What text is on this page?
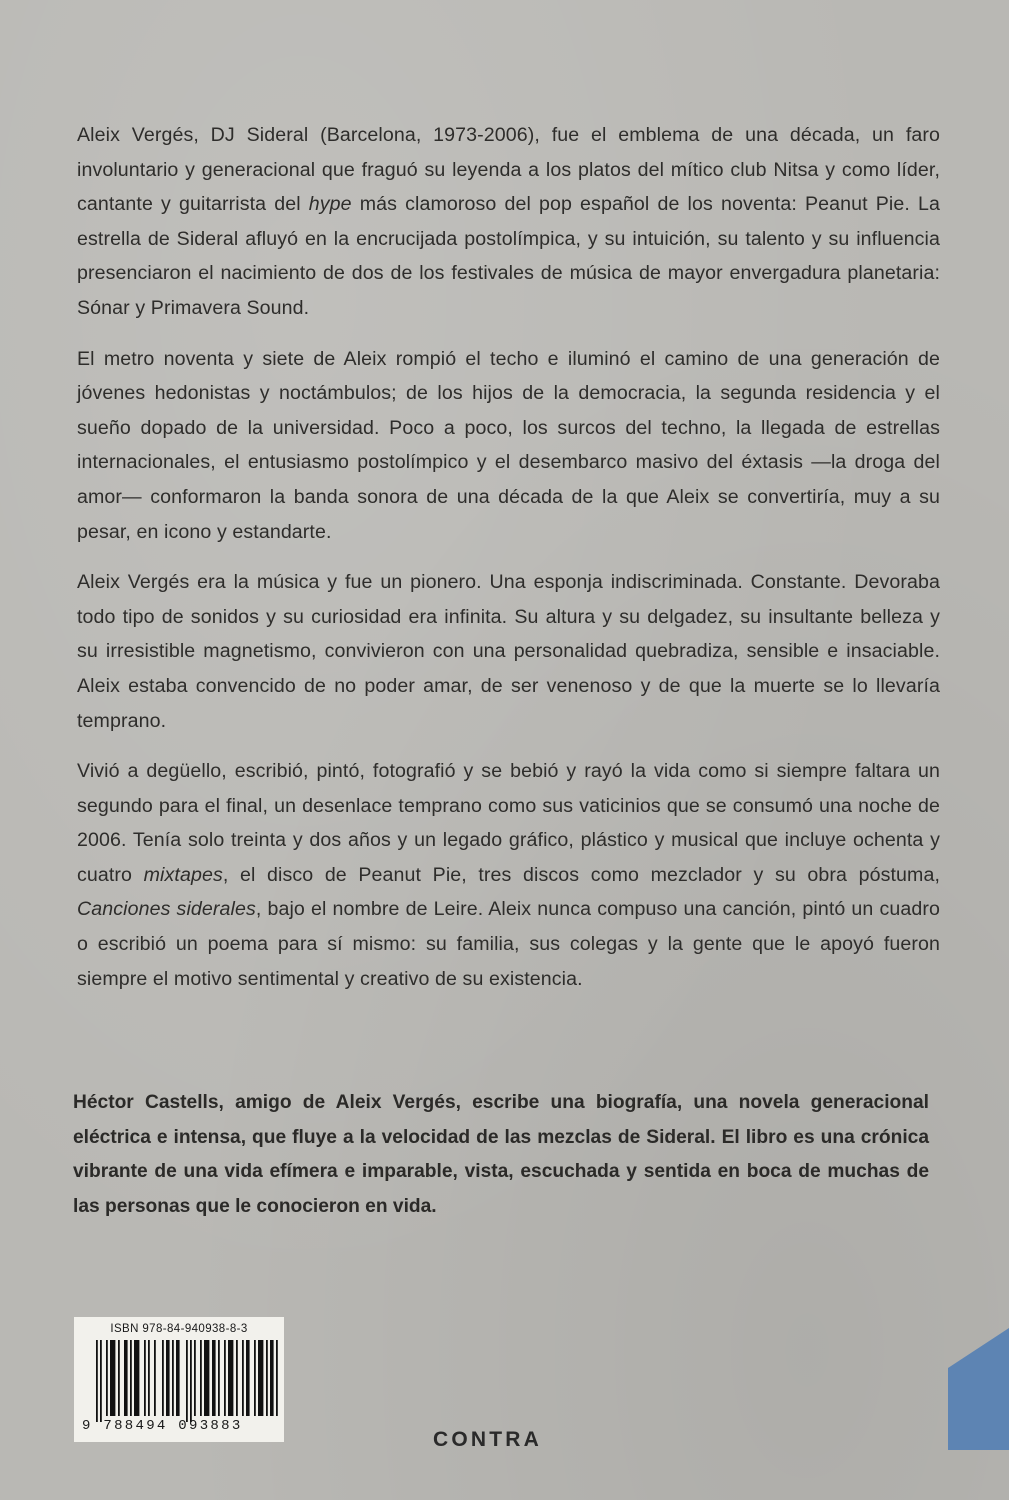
Aleix Vergés, DJ Sideral (Barcelona, 1973-2006), fue el emblema de una década, un faro involuntario y generacional que fraguó su leyenda a los platos del mítico club Nitsa y como líder, cantante y guitarrista del hype más clamoroso del pop español de los noventa: Peanut Pie. La estrella de Sideral afluyó en la encrucijada postolímpica, y su intuición, su talento y su influencia presenciaron el nacimiento de dos de los festivales de música de mayor envergadura planetaria: Sónar y Primavera Sound.

El metro noventa y siete de Aleix rompió el techo e iluminó el camino de una generación de jóvenes hedonistas y noctámbulos; de los hijos de la democracia, la segunda residencia y el sueño dopado de la universidad. Poco a poco, los surcos del techno, la llegada de estrellas internacionales, el entusiasmo postolímpico y el desembarco masivo del éxtasis —la droga del amor— conformaron la banda sonora de una década de la que Aleix se convertiría, muy a su pesar, en icono y estandarte.

Aleix Vergés era la música y fue un pionero. Una esponja indiscriminada. Constante. Devoraba todo tipo de sonidos y su curiosidad era infinita. Su altura y su delgadez, su insultante belleza y su irresistible magnetismo, convivieron con una personalidad quebradiza, sensible e insaciable. Aleix estaba convencido de no poder amar, de ser venenoso y de que la muerte se lo llevaría temprano.

Vivió a degüello, escribió, pintó, fotografió y se bebió y rayó la vida como si siempre faltara un segundo para el final, un desenlace temprano como sus vaticinios que se consumó una noche de 2006. Tenía solo treinta y dos años y un legado gráfico, plástico y musical que incluye ochenta y cuatro mixtapes, el disco de Peanut Pie, tres discos como mezclador y su obra póstuma, Canciones siderales, bajo el nombre de Leire. Aleix nunca compuso una canción, pintó un cuadro o escribió un poema para sí mismo: su familia, sus colegas y la gente que le apoyó fueron siempre el motivo sentimental y creativo de su existencia.

Héctor Castells, amigo de Aleix Vergés, escribe una biografía, una novela generacional eléctrica e intensa, que fluye a la velocidad de las mezclas de Sideral. El libro es una crónica vibrante de una vida efímera e imparable, vista, escuchada y sentida en boca de muchas de las personas que le conocieron en vida.

ISBN 978-84-940938-8-3
9 788494 093883
CONTRA
